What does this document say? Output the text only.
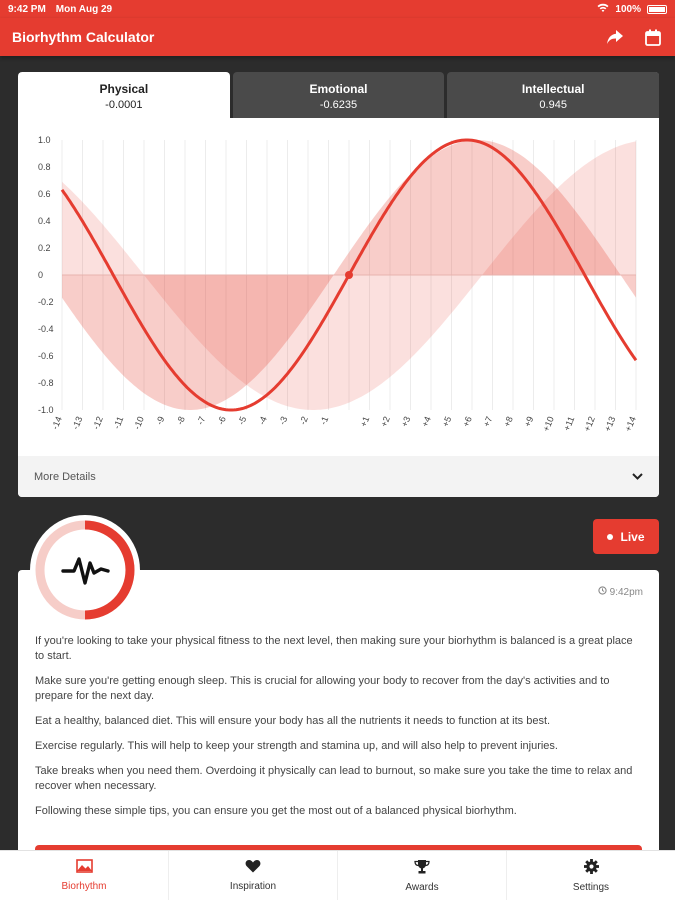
9:42 PM Mon Aug 29	100%
Biorhythm Calculator
Physical
-0.0001
Emotional
-0.6235
Intellectual
0.945
1.0
0.8
0.6
0.4
0.2
0
-0.2
-0.4
-0.6
-0.8
-1.0
-14 -13 -12 -11 -10 -9 -8 -7 -6 -5 -4 -3 -2 -1	+1 +2 +3 +4 +5 +6 +7 +8 +9 +10 +11 +12 +13 +14
More Details
Live
9:42pm

If you're looking to take your physical fitness to the next level, then making sure your biorhythm is balanced is a great place to start.

Make sure you're getting enough sleep. This is crucial for allowing your body to recover from the day's activities and to prepare for the next day.

Eat a healthy, balanced diet. This will ensure your body has all the nutrients it needs to function at its best.

Exercise regularly. This will help to keep your strength and stamina up, and will also help to prevent injuries.

Take breaks when you need them. Overdoing it physically can lead to burnout, so make sure you take the time to relax and recover when necessary.

Following these simple tips, you can ensure you get the most out of a balanced physical biorhythm.

Biorhythm	Inspiration	Awards	Settings
